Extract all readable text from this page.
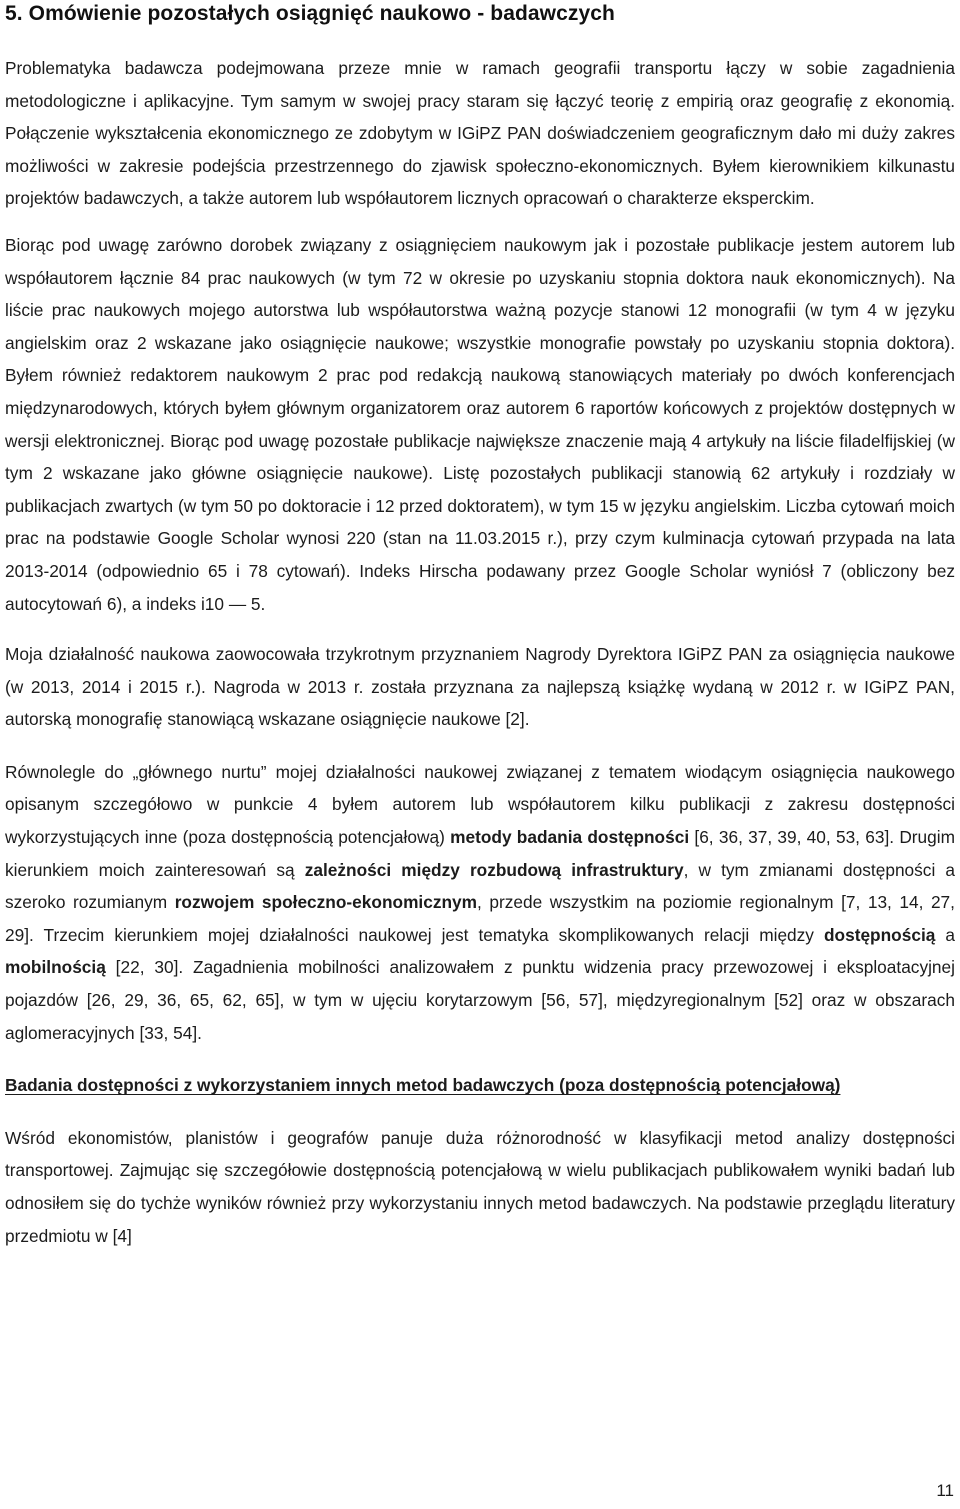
5. Omówienie pozostałych osiągnięć naukowo - badawczych

Problematyka badawcza podejmowana przeze mnie w ramach geografii transportu łączy w sobie zagadnienia metodologiczne i aplikacyjne. Tym samym w swojej pracy staram się łączyć teorię z empirią oraz geografię z ekonomią. Połączenie wykształcenia ekonomicznego ze zdobytym w IGiPZ PAN doświadczeniem geograficznym dało mi duży zakres możliwości w zakresie podejścia przestrzennego do zjawisk społeczno-ekonomicznych. Byłem kierownikiem kilkunastu projektów badawczych, a także autorem lub współautorem licznych opracowań o charakterze eksperckim.

Biorąc pod uwagę zarówno dorobek związany z osiągnięciem naukowym jak i pozostałe publikacje jestem autorem lub współautorem łącznie 84 prac naukowych (w tym 72 w okresie po uzyskaniu stopnia doktora nauk ekonomicznych). Na liście prac naukowych mojego autorstwa lub współautorstwa ważną pozycje stanowi 12 monografii (w tym 4 w języku angielskim oraz 2 wskazane jako osiągnięcie naukowe; wszystkie monografie powstały po uzyskaniu stopnia doktora). Byłem również redaktorem naukowym 2 prac pod redakcją naukową stanowiących materiały po dwóch konferencjach międzynarodowych, których byłem głównym organizatorem oraz autorem 6 raportów końcowych z projektów dostępnych w wersji elektronicznej. Biorąc pod uwagę pozostałe publikacje największe znaczenie mają 4 artykuły na liście filadelfijskiej (w tym 2 wskazane jako główne osiągnięcie naukowe). Listę pozostałych publikacji stanowią 62 artykuły i rozdziały w publikacjach zwartych (w tym 50 po doktoracie i 12 przed doktoratem), w tym 15 w języku angielskim. Liczba cytowań moich prac na podstawie Google Scholar wynosi 220 (stan na 11.03.2015 r.), przy czym kulminacja cytowań przypada na lata 2013-2014 (odpowiednio 65 i 78 cytowań). Indeks Hirscha podawany przez Google Scholar wyniósł 7 (obliczony bez autocytowań 6), a indeks i10 — 5.

Moja działalność naukowa zaowocowała trzykrotnym przyznaniem Nagrody Dyrektora IGiPZ PAN za osiągnięcia naukowe (w 2013, 2014 i 2015 r.). Nagroda w 2013 r. została przyznana za najlepszą książkę wydaną w 2012 r. w IGiPZ PAN, autorską monografię stanowiącą wskazane osiągnięcie naukowe [2].

Równolegle do „głównego nurtu” mojej działalności naukowej związanej z tematem wiodącym osiągnięcia naukowego opisanym szczegółowo w punkcie 4 byłem autorem lub współautorem kilku publikacji z zakresu dostępności wykorzystujących inne (poza dostępnością potencjałową) metody badania dostępności [6, 36, 37, 39, 40, 53, 63]. Drugim kierunkiem moich zainteresowań są zależności między rozbudową infrastruktury, w tym zmianami dostępności a szeroko rozumianym rozwojem społeczno-ekonomicznym, przede wszystkim na poziomie regionalnym [7, 13, 14, 27, 29]. Trzecim kierunkiem mojej działalności naukowej jest tematyka skomplikowanych relacji między dostępnością a mobilnością [22, 30]. Zagadnienia mobilności analizowałem z punktu widzenia pracy przewozowej i eksploatacyjnej pojazdów [26, 29, 36, 65, 62, 65], w tym w ujęciu korytarzowym [56, 57], międzyregionalnym [52] oraz w obszarach aglomeracyjnych [33, 54].

Badania dostępności z wykorzystaniem innych metod badawczych (poza dostępnością potencjałową)

Wśród ekonomistów, planistów i geografów panuje duża różnorodność w klasyfikacji metod analizy dostępności transportowej. Zajmując się szczegółowie dostępnością potencjałową w wielu publikacjach publikowałem wyniki badań lub odnosiłem się do tychże wyników również przy wykorzystaniu innych metod badawczych. Na podstawie przeglądu literatury przedmiotu w [4]

11
